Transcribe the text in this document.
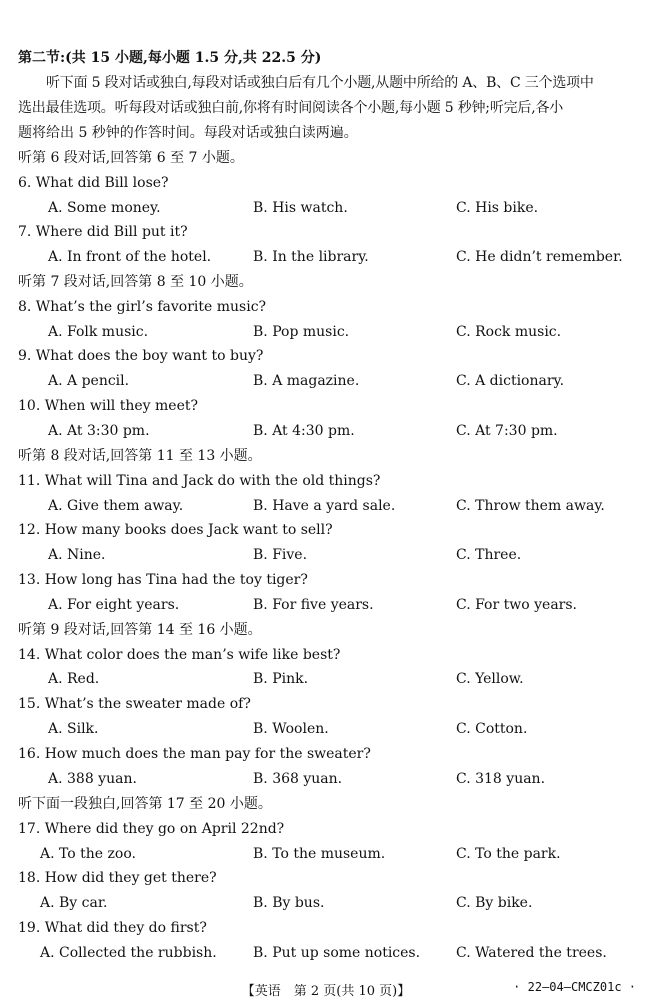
第二节:(共 15 小题,每小题 1.5 分,共 22.5 分)
听下面 5 段对话或独白,每段对话或独白后有几个小题,从题中所给的 A、B、C 三个选项中
选出最佳选项。听每段对话或独白前,你将有时间阅读各个小题,每小题 5 秒钟;听完后,各小
题将给出 5 秒钟的作答时间。每段对话或独白读两遍。
听第 6 段对话,回答第 6 至 7 小题。
6. What did Bill lose?
A. Some money.	B. His watch.	C. His bike.
7. Where did Bill put it?
A. In front of the hotel.	B. In the library.	C. He didn’t remember.
听第 7 段对话,回答第 8 至 10 小题。
8. What’s the girl’s favorite music?
A. Folk music.	B. Pop music.	C. Rock music.
9. What does the boy want to buy?
A. A pencil.	B. A magazine.	C. A dictionary.
10. When will they meet?
A. At 3:30 pm.	B. At 4:30 pm.	C. At 7:30 pm.
听第 8 段对话,回答第 11 至 13 小题。
11. What will Tina and Jack do with the old things?
A. Give them away.	B. Have a yard sale.	C. Throw them away.
12. How many books does Jack want to sell?
A. Nine.	B. Five.	C. Three.
13. How long has Tina had the toy tiger?
A. For eight years.	B. For five years.	C. For two years.
听第 9 段对话,回答第 14 至 16 小题。
14. What color does the man’s wife like best?
A. Red.	B. Pink.	C. Yellow.
15. What’s the sweater made of?
A. Silk.	B. Woolen.	C. Cotton.
16. How much does the man pay for the sweater?
A. 388 yuan.	B. 368 yuan.	C. 318 yuan.
听下面一段独白,回答第 17 至 20 小题。
17. Where did they go on April 22nd?
A. To the zoo.	B. To the museum.	C. To the park.
18. How did they get there?
A. By car.	B. By bus.	C. By bike.
19. What did they do first?
A. Collected the rubbish.	B. Put up some notices.	C. Watered the trees.
【英语　第 2 页(共 10 页)】	· 22—04—CMCZ01c ·
